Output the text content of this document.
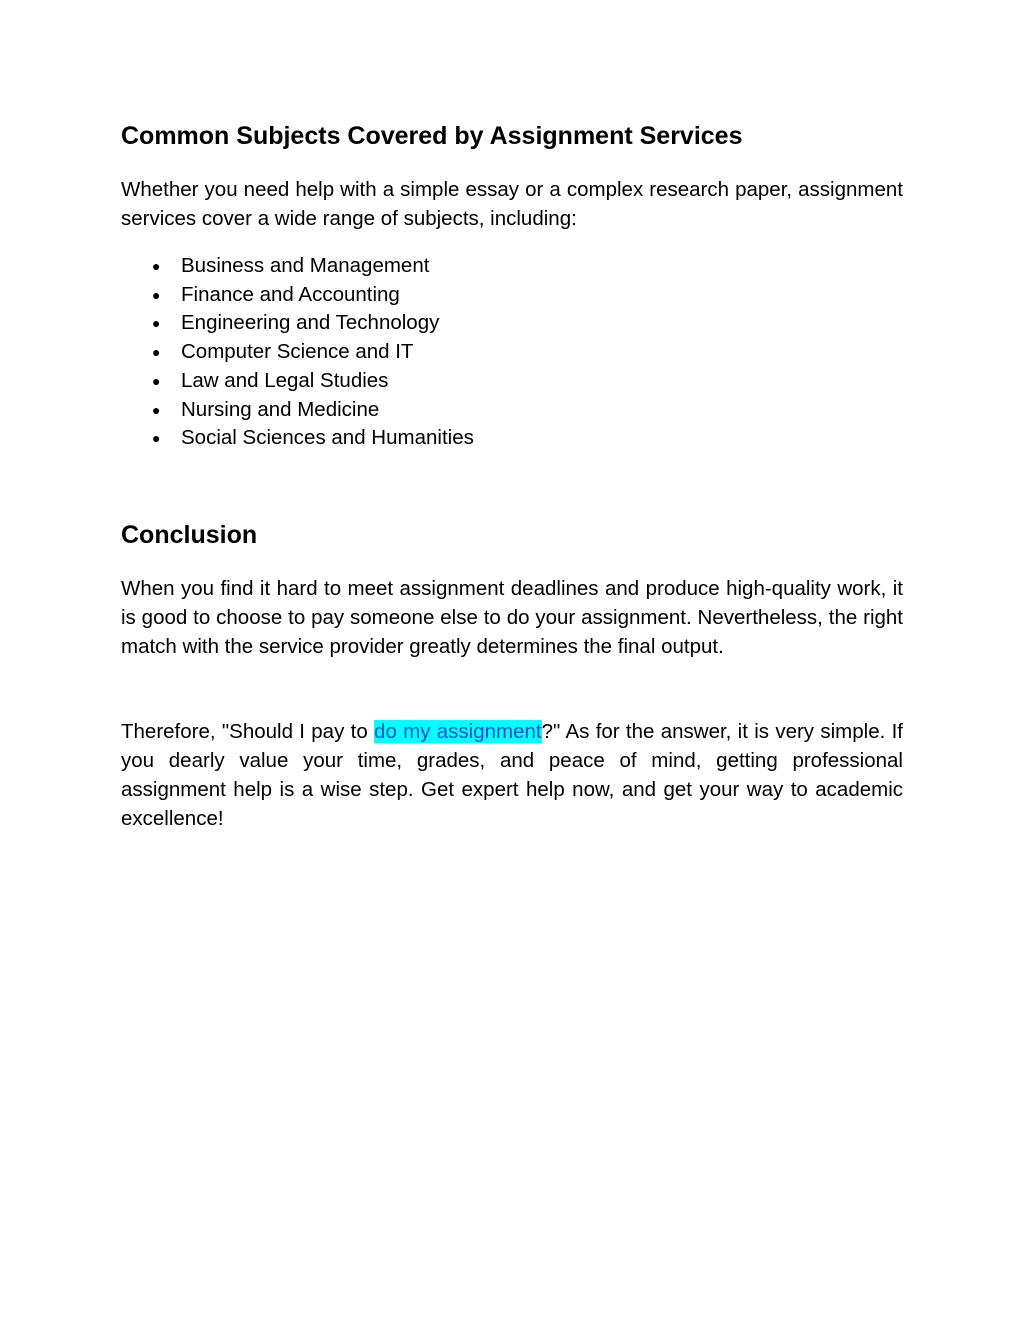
Common Subjects Covered by Assignment Services

Whether you need help with a simple essay or a complex research paper, assignment services cover a wide range of subjects, including:

● Business and Management
● Finance and Accounting
● Engineering and Technology
● Computer Science and IT
● Law and Legal Studies
● Nursing and Medicine
● Social Sciences and Humanities
Conclusion

When you find it hard to meet assignment deadlines and produce high-quality work, it is good to choose to pay someone else to do your assignment. Nevertheless, the right match with the service provider greatly determines the final output.

Therefore, "Should I pay to do my assignment?" As for the answer, it is very simple. If you dearly value your time, grades, and peace of mind, getting professional assignment help is a wise step. Get expert help now, and get your way to academic excellence!
